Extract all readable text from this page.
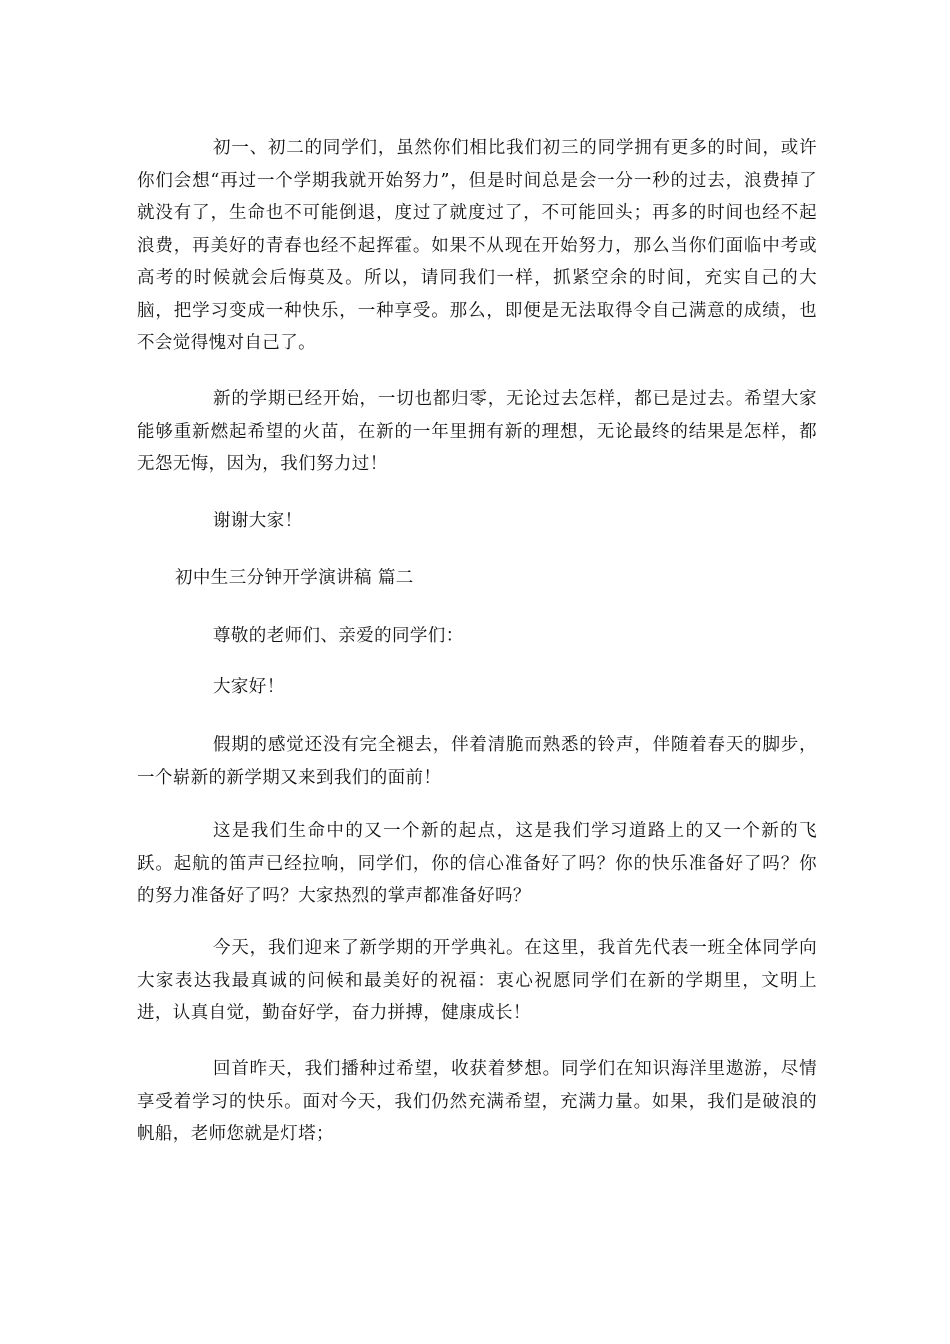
初一、初二的同学们，虽然你们相比我们初三的同学拥有更多的时间，或许你们会想“再过一个学期我就开始努力”，但是时间总是会一分一秒的过去，浪费掉了就没有了，生命也不可能倒退，度过了就度过了，不可能回头；再多的时间也经不起浪费，再美好的青春也经不起挥霍。如果不从现在开始努力，那么当你们面临中考或高考的时候就会后悔莫及。所以，请同我们一样，抓紧空余的时间，充实自己的大脑，把学习变成一种快乐，一种享受。那么，即便是无法取得令自己满意的成绩，也不会觉得愧对自己了。

新的学期已经开始，一切也都归零，无论过去怎样，都已是过去。希望大家能够重新燃起希望的火苗，在新的一年里拥有新的理想，无论最终的结果是怎样，都无怨无悔，因为，我们努力过！

谢谢大家！

初中生三分钟开学演讲稿 篇二

尊敬的老师们、亲爱的同学们：

大家好！

假期的感觉还没有完全褪去，伴着清脆而熟悉的铃声，伴随着春天的脚步，一个崭新的新学期又来到我们的面前！

这是我们生命中的又一个新的起点，这是我们学习道路上的又一个新的飞跃。起航的笛声已经拉响，同学们，你的信心准备好了吗？你的快乐准备好了吗？你的努力准备好了吗？大家热烈的掌声都准备好吗？

今天，我们迎来了新学期的开学典礼。在这里，我首先代表一班全体同学向大家表达我最真诚的问候和最美好的祝福：衷心祝愿同学们在新的学期里，文明上进，认真自觉，勤奋好学，奋力拼搏，健康成长！

回首昨天，我们播种过希望，收获着梦想。同学们在知识海洋里遨游，尽情享受着学习的快乐。面对今天，我们仍然充满希望，充满力量。如果，我们是破浪的帆船，老师您就是灯塔；
